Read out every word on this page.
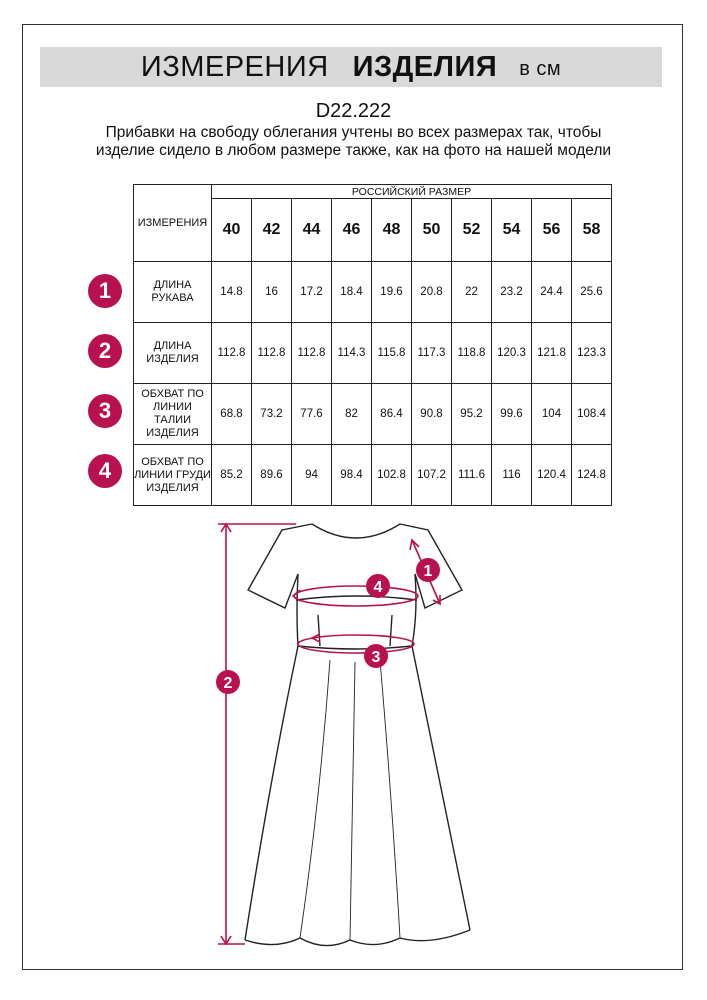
ИЗМЕРЕНИЯ ИЗДЕЛИЯ в см
D22.222
Прибавки на свободу облегания учтены во всех размерах так, чтобы изделие сидело в любом размере также, как на фото на нашей модели
ИЗМЕРЕНИЯ	РОССИЙСКИЙ РАЗМЕР									
	40	42	44	46	48	50	52	54	56	58
ДЛИНА РУКАВА	14.8	16	17.2	18.4	19.6	20.8	22	23.2	24.4	25.6
ДЛИНА ИЗДЕЛИЯ	112.8	112.8	112.8	114.3	115.8	117.3	118.8	120.3	121.8	123.3
ОБХВАТ ПО ЛИНИИ ТАЛИИ ИЗДЕЛИЯ	68.8	73.2	77.6	82	86.4	90.8	95.2	99.6	104	108.4
ОБХВАТ ПО ЛИНИИ ГРУДИ ИЗДЕЛИЯ	85.2	89.6	94	98.4	102.8	107.2	111.6	116	120.4	124.8
1
2
3
4
1
2
3
4
